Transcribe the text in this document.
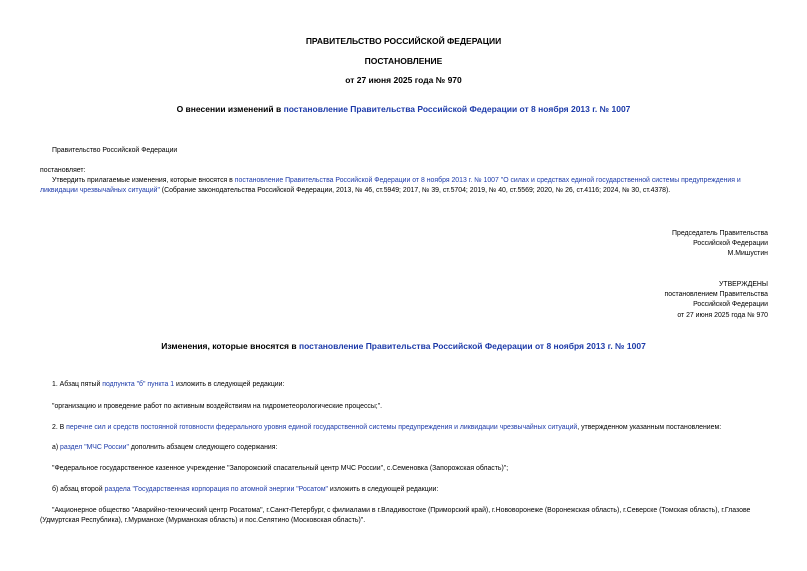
ПРАВИТЕЛЬСТВО РОССИЙСКОЙ ФЕДЕРАЦИИ
ПОСТАНОВЛЕНИЕ
от 27 июня 2025 года № 970
О внесении изменений в постановление Правительства Российской Федерации от 8 ноября 2013 г. № 1007
Правительство Российской Федерации
постановляет:
Утвердить прилагаемые изменения, которые вносятся в постановление Правительства Российской Федерации от 8 ноября 2013 г. № 1007 "О силах и средствах единой государственной системы предупреждения и ликвидации чрезвычайных ситуаций" (Собрание законодательства Российской Федерации, 2013, № 46, ст.5949; 2017, № 39, ст.5704; 2019, № 40, ст.5569; 2020, № 26, ст.4116; 2024, № 30, ст.4378).
Председатель Правительства
Российской Федерации
М.Мишустин
УТВЕРЖДЕНЫ
постановлением Правительства
Российской Федерации
от 27 июня 2025 года № 970
Изменения, которые вносятся в постановление Правительства Российской Федерации от 8 ноября 2013 г. № 1007
1. Абзац пятый подпункта "б" пункта 1 изложить в следующей редакции:
"организацию и проведение работ по активным воздействиям на гидрометеорологические процессы;".
2. В перечне сил и средств постоянной готовности федерального уровня единой государственной системы предупреждения и ликвидации чрезвычайных ситуаций, утвержденном указанным постановлением:
а) раздел "МЧС России" дополнить абзацем следующего содержания:
"Федеральное государственное казенное учреждение "Запорожский спасательный центр МЧС России", с.Семеновка (Запорожская область)";
б) абзац второй раздела "Государственная корпорация по атомной энергии "Росатом" изложить в следующей редакции:
"Акционерное общество "Аварийно-технический центр Росатома", г.Санкт-Петербург, с филиалами в г.Владивостоке (Приморский край), г.Нововоронеже (Воронежская область), г.Северске (Томская область), г.Глазове (Удмуртская Республика), г.Мурманске (Мурманская область) и пос.Селятино (Московская область)".
